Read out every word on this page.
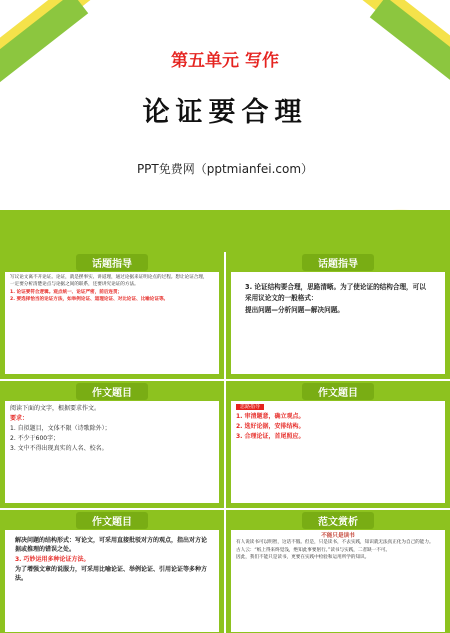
第五单元 写作
论证要合理
PPT免费网（pptmianfei.com）
话题指导

写议论文离不开论证。论证，就是摆事实、讲道理，通过论据来证明论点的过程。想让论证合理，

一定要分析清楚论点与论据之间的联系，还要讲究论证的方法。

1. 论证要符合逻辑。观点统一、论证严密，前后连贯；

2. 要选择恰当的论证方法，如举例论证、道理论证、对比论证、比喻论证等。

话题指导

3. 论证结构要合理，思路清晰。为了使论证的结构合理，可以采用议论文的一般格式：

提出问题—分析问题—解决问题。

作文题目

阅读下面的文字，根据要求作文。

要求：

1. 自拟题目，文体不限（诗歌除外）；

2. 不少于600字；

3. 文中不得出现真实的人名、校名。

作文题目

思路指导

1. 审清题意，确立观点。

2. 选好论据，安排结构。

3. 合理论证，首尾照应。

作文题目

解决问题的结构形式：写论文，可采用直接批驳对方的观点，指出对方论据或推理的错误之处。

3. 巧妙运用多种论证方法。

为了增强文章的说服力，可采用比喻论证、举例论证、引用论证等多种方法。

范文赏析

不能只是读书

有人说读书可以明智，这话不假。但是，只是读书，不去实践，知识就无法真正化为自己的能力。

古人云：“纸上得来终觉浅，绝知此事要躬行。”读书与实践，二者缺一不可。

因此，我们不能只是读书，更要在实践中检验和运用所学的知识。
